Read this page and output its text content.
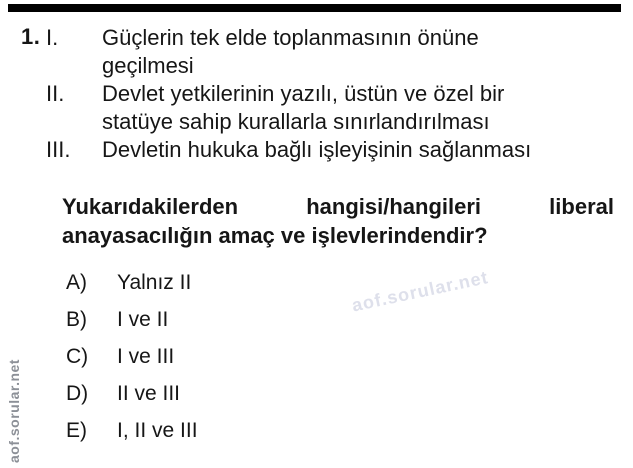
aof.sorular.net
aof.sorular.net
1. I.	Güçlerin tek elde toplanmasının önüne
geçilmesi
II.	Devlet yetkilerinin yazılı, üstün ve özel bir
statüye sahip kurallarla sınırlandırılması
III.	Devletin hukuka bağlı işleyişinin sağlanması
Yukarıdakilerden hangisi/hangileri liberal
anayasacılığın amaç ve işlevlerindendir?
A)	Yalnız II
B)	I ve II
C)	I ve III
D)	II ve III
E)	I, II ve III
